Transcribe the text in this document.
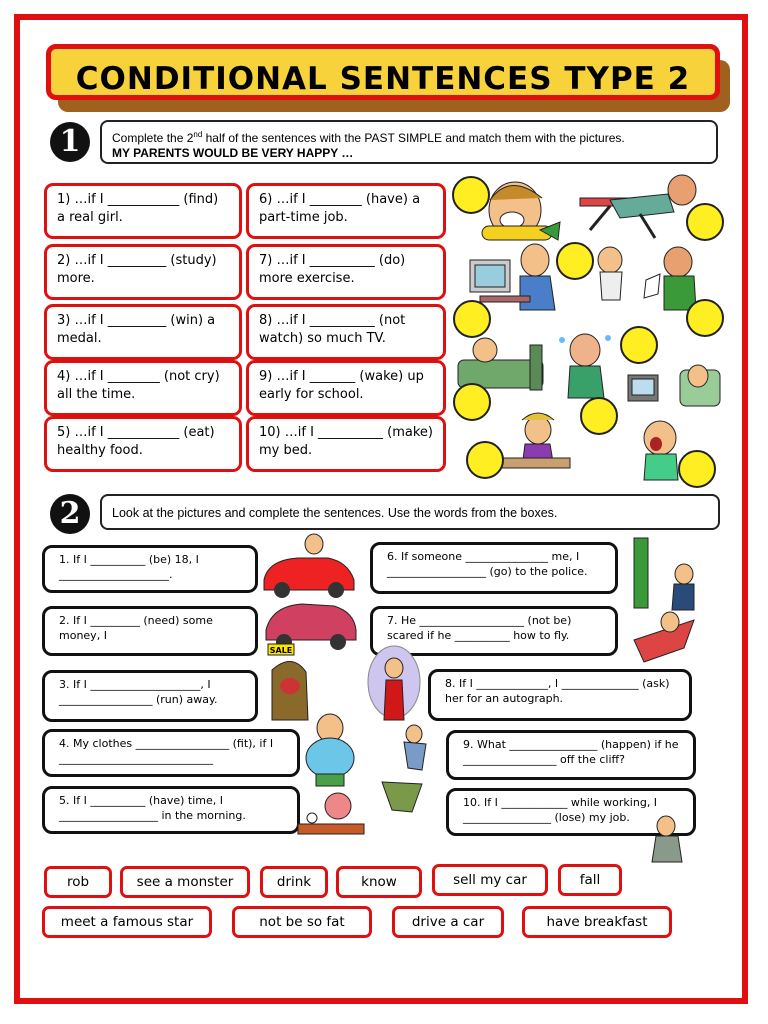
CONDITIONAL SENTENCES TYPE 2
1	Complete the 2nd half of the sentences with the PAST SIMPLE and match them with the pictures.
MY PARENTS WOULD BE VERY HAPPY …
1) …if I ___________ (find) a real girl.
2) …if I _________ (study) more.
3) …if I _________ (win) a medal.
4) …if I ________ (not cry) all the time.
5) …if I ___________ (eat) healthy food.
6) …if I ________ (have) a part-time job.
7) …if I __________ (do) more exercise.
8) …if I __________ (not watch) so much TV.
9) …if I _______ (wake) up early for school.
10) …if I __________ (make) my bed.
2	Look at the pictures and complete the sentences. Use the words from the boxes.
1. If I __________ (be) 18, I ____________________.
2. If I _________ (need) some money, I
3. If I ____________________, I _________________ (run) away.
4. My clothes _________________ (fit), if I ____________________________
5. If I __________ (have) time, I __________________ in the morning.
6. If someone _______________ me, I __________________ (go) to the police.
7. He ___________________ (not be) scared if he __________ how to fly.
8. If I _____________, I ______________ (ask) her for an autograph.
9. What ________________ (happen) if he _________________ off the cliff?
10. If I ____________ while working, I ________________ (lose) my job.
SALE
rob	see a monster	drink	know	sell my car	fall
meet a famous star	not be so fat	drive a car	have breakfast
